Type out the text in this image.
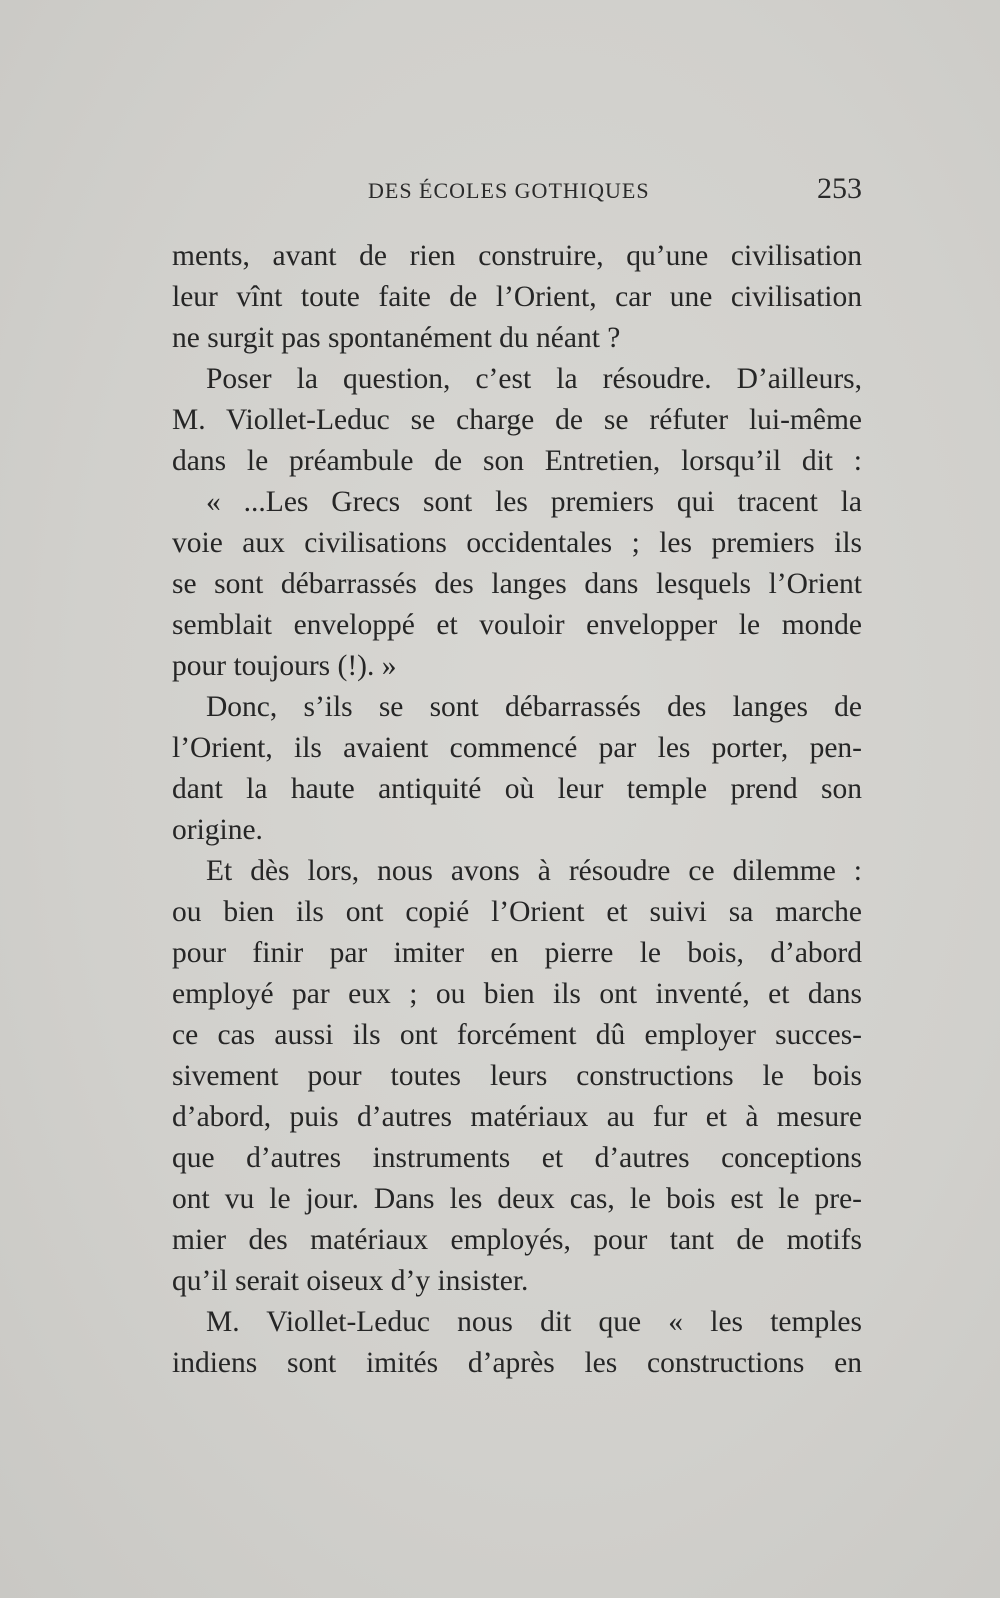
DES ÉCOLES GOTHIQUES	253
ments, avant de rien construire, qu’une civilisation
leur vînt toute faite de l’Orient, car une civilisation
ne surgit pas spontanément du néant ?
Poser la question, c’est la résoudre. D’ailleurs,
M. Viollet-Leduc se charge de se réfuter lui-même
dans le préambule de son Entretien, lorsqu’il dit :
« ...Les Grecs sont les premiers qui tracent la
voie aux civilisations occidentales ; les premiers ils
se sont débarrassés des langes dans lesquels l’Orient
semblait enveloppé et vouloir envelopper le monde
pour toujours (!). »
Donc, s’ils se sont débarrassés des langes de
l’Orient, ils avaient commencé par les porter, pen-
dant la haute antiquité où leur temple prend son
origine.
Et dès lors, nous avons à résoudre ce dilemme :
ou bien ils ont copié l’Orient et suivi sa marche
pour finir par imiter en pierre le bois, d’abord
employé par eux ; ou bien ils ont inventé, et dans
ce cas aussi ils ont forcément dû employer succes-
sivement pour toutes leurs constructions le bois
d’abord, puis d’autres matériaux au fur et à mesure
que d’autres instruments et d’autres conceptions
ont vu le jour. Dans les deux cas, le bois est le pre-
mier des matériaux employés, pour tant de motifs
qu’il serait oiseux d’y insister.
M. Viollet-Leduc nous dit que « les temples
indiens sont imités d’après les constructions en
